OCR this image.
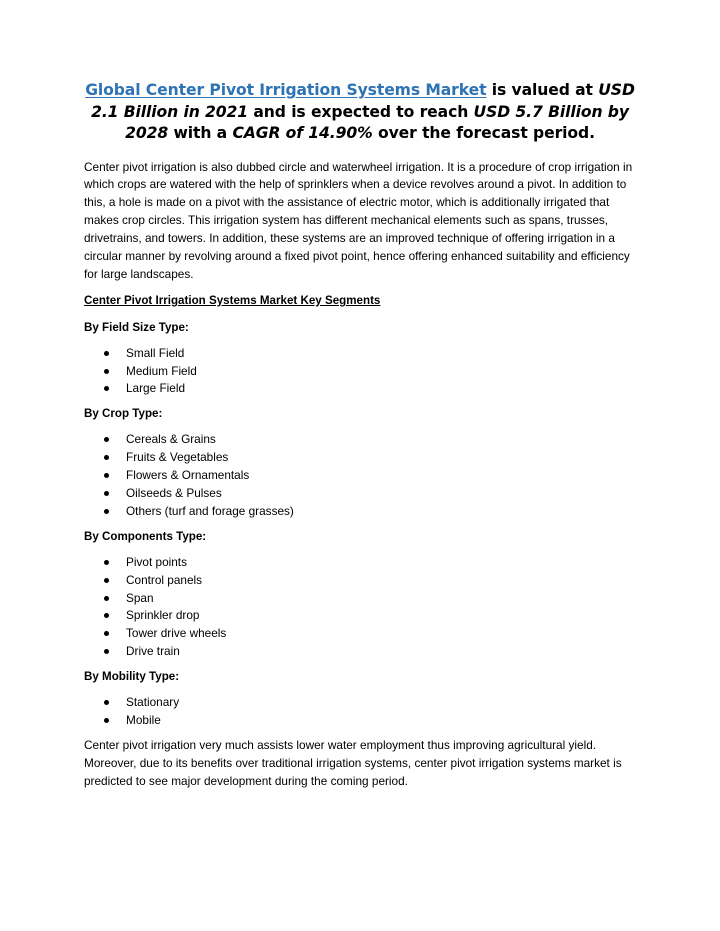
Global Center Pivot Irrigation Systems Market is valued at USD 2.1 Billion in 2021 and is expected to reach USD 5.7 Billion by 2028 with a CAGR of 14.90% over the forecast period.

Center pivot irrigation is also dubbed circle and waterwheel irrigation. It is a procedure of crop irrigation in which crops are watered with the help of sprinklers when a device revolves around a pivot. In addition to this, a hole is made on a pivot with the assistance of electric motor, which is additionally irrigated that makes crop circles. This irrigation system has different mechanical elements such as spans, trusses, drivetrains, and towers. In addition, these systems are an improved technique of offering irrigation in a circular manner by revolving around a fixed pivot point, hence offering enhanced suitability and efficiency for large landscapes.

Center Pivot Irrigation Systems Market Key Segments

By Field Size Type:

Small Field
Medium Field
Large Field

By Crop Type:

Cereals & Grains
Fruits & Vegetables
Flowers & Ornamentals
Oilseeds & Pulses
Others (turf and forage grasses)

By Components Type:

Pivot points
Control panels
Span
Sprinkler drop
Tower drive wheels
Drive train

By Mobility Type:

Stationary
Mobile

Center pivot irrigation very much assists lower water employment thus improving agricultural yield. Moreover, due to its benefits over traditional irrigation systems, center pivot irrigation systems market is predicted to see major development during the coming period.
